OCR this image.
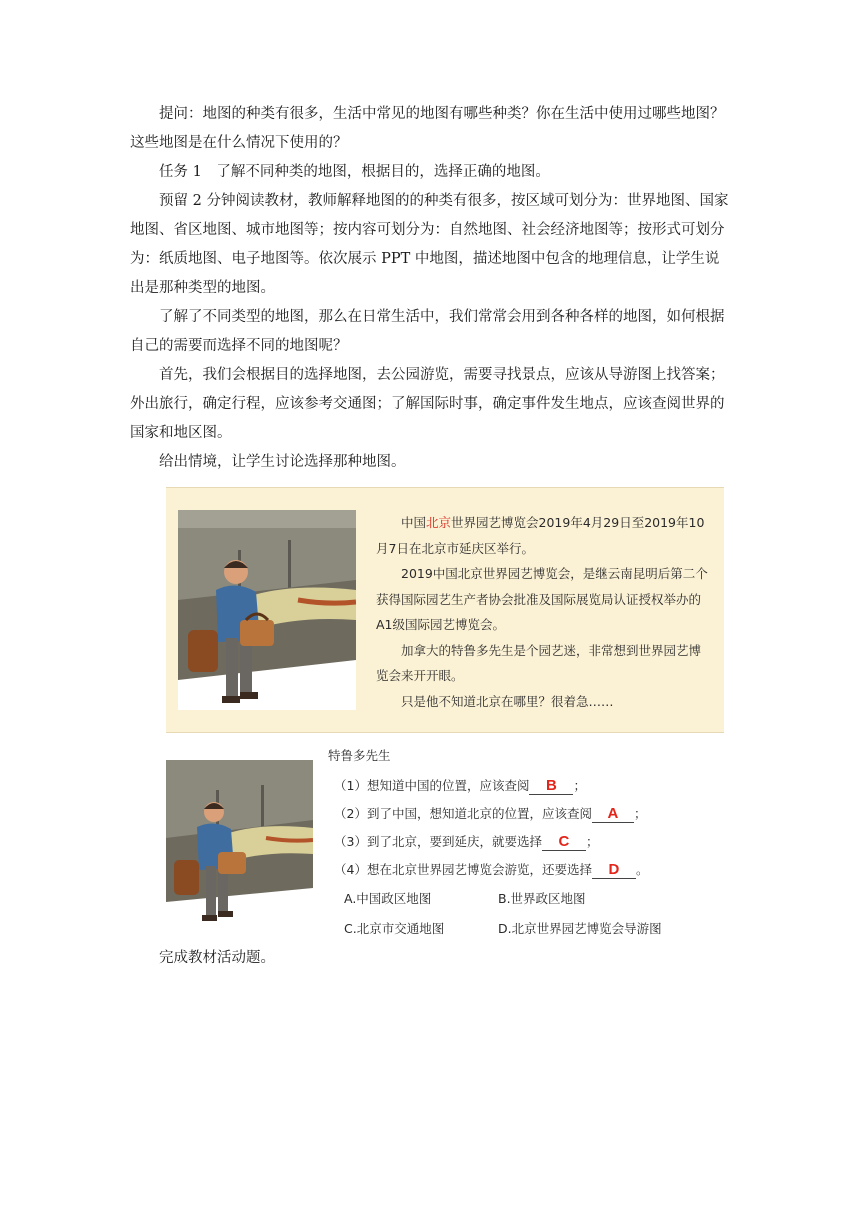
提问：地图的种类有很多，生活中常见的地图有哪些种类？你在生活中使用过哪些地图？这些地图是在什么情况下使用的？

任务 1　了解不同种类的地图，根据目的，选择正确的地图。

预留 2 分钟阅读教材，教师解释地图的的种类有很多，按区域可划分为：世界地图、国家地图、省区地图、城市地图等；按内容可划分为：自然地图、社会经济地图等；按形式可划分为：纸质地图、电子地图等。依次展示 PPT 中地图，描述地图中包含的地理信息，让学生说出是那种类型的地图。

了解了不同类型的地图，那么在日常生活中，我们常常会用到各种各样的地图，如何根据自己的需要而选择不同的地图呢？

首先，我们会根据目的选择地图，去公园游览，需要寻找景点，应该从导游图上找答案；外出旅行，确定行程，应该参考交通图；了解国际时事，确定事件发生地点，应该查阅世界的国家和地区图。

给出情境，让学生讨论选择那种地图。

中国北京世界园艺博览会2019年4月29日至2019年10月7日在北京市延庆区举行。

2019中国北京世界园艺博览会，是继云南昆明后第二个获得国际园艺生产者协会批准及国际展览局认证授权举办的A1级国际园艺博览会。

加拿大的特鲁多先生是个园艺迷，非常想到世界园艺博览会来开开眼。

只是他不知道北京在哪里？很着急……

特鲁多先生
（1）想知道中国的位置，应该查阅 B ；
（2）到了中国，想知道北京的位置，应该查阅 A ；
（3）到了北京，要到延庆，就要选择 C ；
（4）想在北京世界园艺博览会游览，还要选择 D 。
A.中国政区地图	B.世界政区地图
C.北京市交通地图	D.北京世界园艺博览会导游图

完成教材活动题。
